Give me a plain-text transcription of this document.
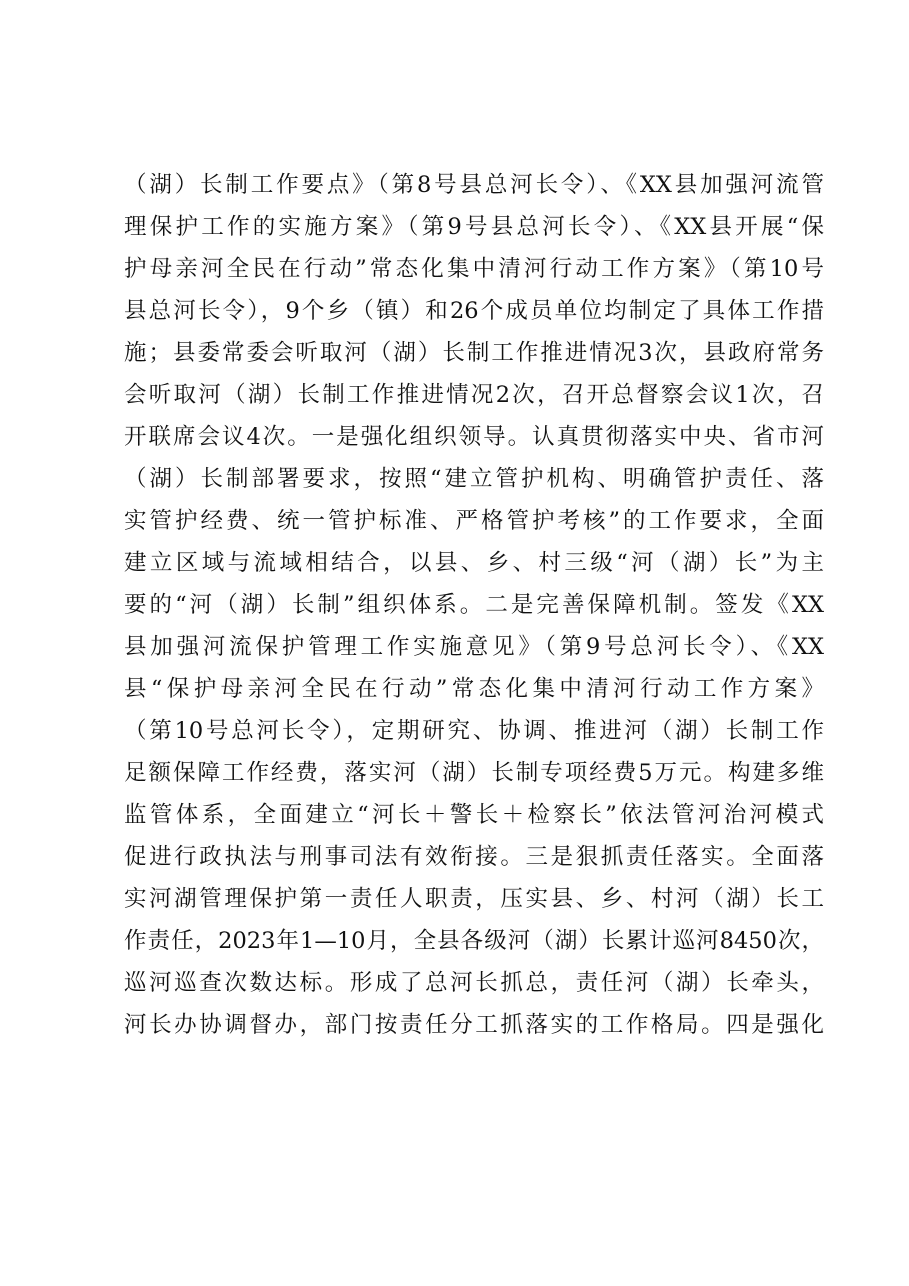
（湖）长制工作要点》（第8号县总河长令）、《XX县加强河流管
理保护工作的实施方案》（第9号县总河长令）、《XX县开展“保
护母亲河全民在行动”常态化集中清河行动工作方案》（第10号
县总河长令），9个乡（镇）和26个成员单位均制定了具体工作措
施；县委常委会听取河（湖）长制工作推进情况3次，县政府常务
会听取河（湖）长制工作推进情况2次，召开总督察会议1次，召
开联席会议4次。一是强化组织领导。认真贯彻落实中央、省市河
（湖）长制部署要求，按照“建立管护机构、明确管护责任、落
实管护经费、统一管护标准、严格管护考核”的工作要求，全面
建立区域与流域相结合，以县、乡、村三级“河（湖）长”为主
要的“河（湖）长制”组织体系。二是完善保障机制。签发《XX
县加强河流保护管理工作实施意见》（第9号总河长令）、《XX
县“保护母亲河全民在行动”常态化集中清河行动工作方案》
（第10号总河长令），定期研究、协调、推进河（湖）长制工作
足额保障工作经费，落实河（湖）长制专项经费5万元。构建多维
监管体系，全面建立“河长＋警长＋检察长”依法管河治河模式
促进行政执法与刑事司法有效衔接。三是狠抓责任落实。全面落
实河湖管理保护第一责任人职责，压实县、乡、村河（湖）长工
作责任，2023年1—10月，全县各级河（湖）长累计巡河8450次，
巡河巡查次数达标。形成了总河长抓总，责任河（湖）长牵头，
河长办协调督办，部门按责任分工抓落实的工作格局。四是强化
